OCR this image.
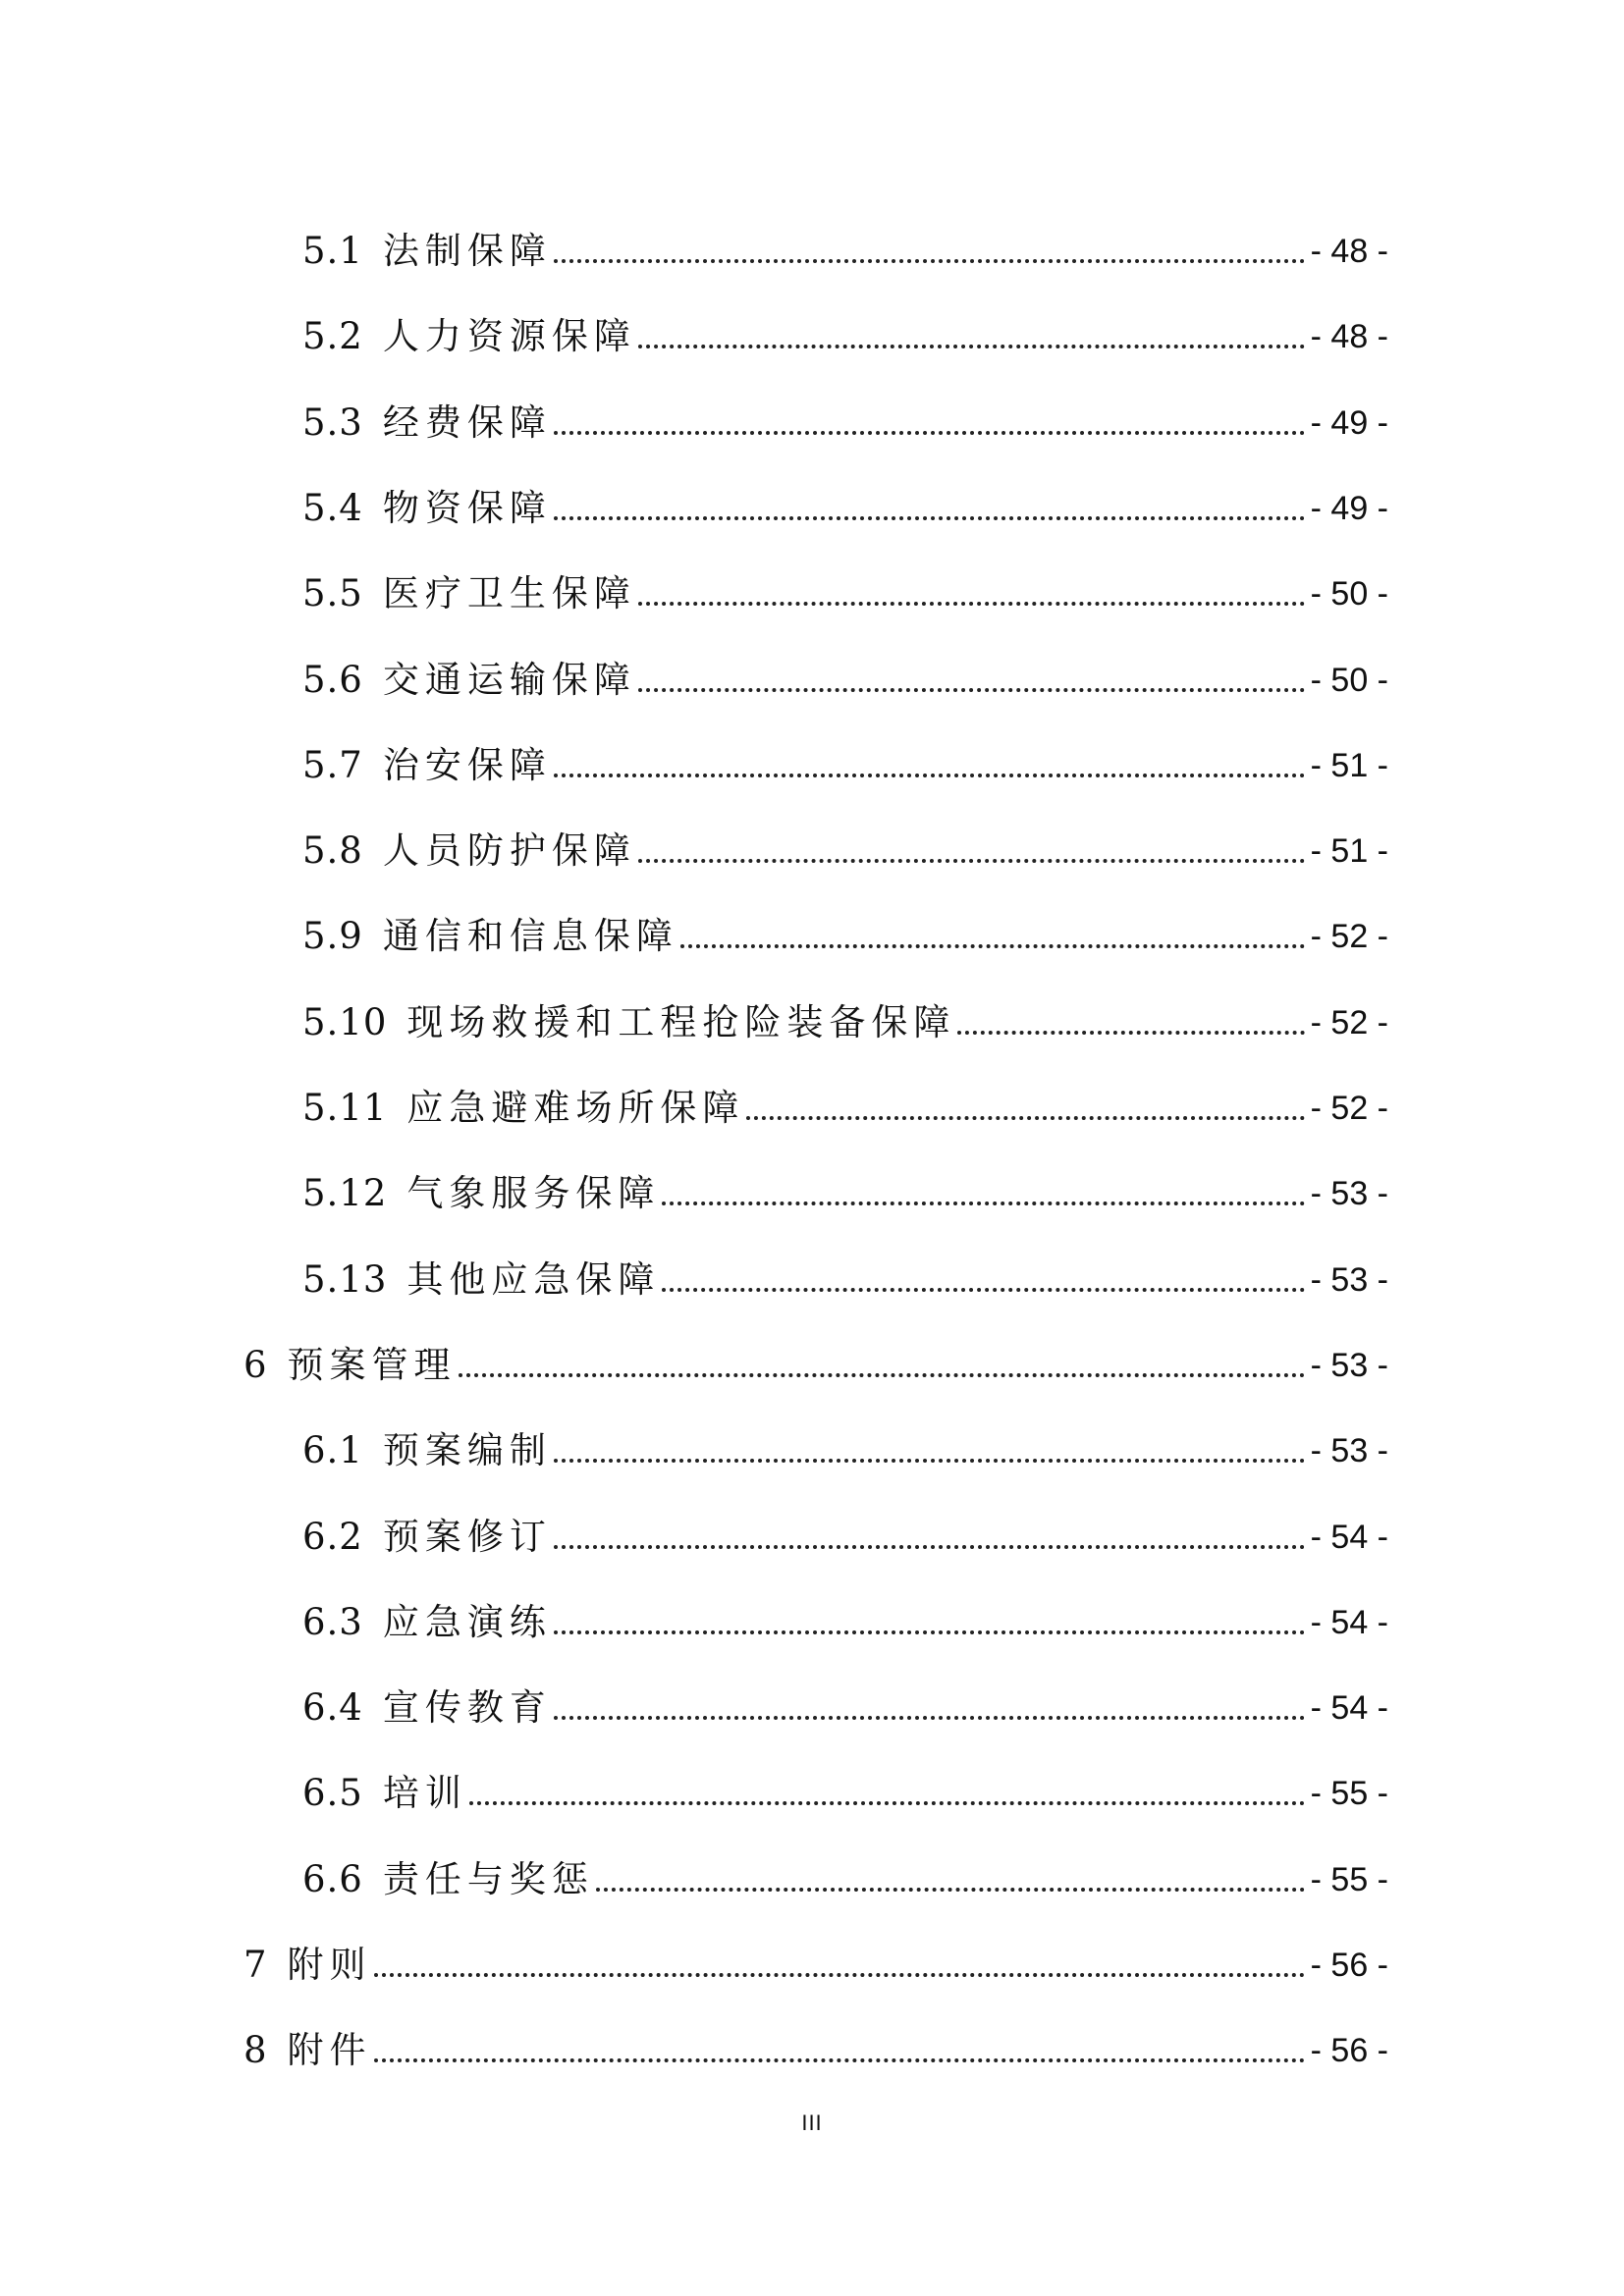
5.1 法制保障	- 48 -
5.2 人力资源保障	- 48 -
5.3 经费保障	- 49 -
5.4 物资保障	- 49 -
5.5 医疗卫生保障	- 50 -
5.6 交通运输保障	- 50 -
5.7 治安保障	- 51 -
5.8 人员防护保障	- 51 -
5.9 通信和信息保障	- 52 -
5.10 现场救援和工程抢险装备保障	- 52 -
5.11 应急避难场所保障	- 52 -
5.12 气象服务保障	- 53 -
5.13 其他应急保障	- 53 -
6 预案管理	- 53 -
6.1 预案编制	- 53 -
6.2 预案修订	- 54 -
6.3 应急演练	- 54 -
6.4 宣传教育	- 54 -
6.5 培训	- 55 -
6.6 责任与奖惩	- 55 -
7 附则	- 56 -
8 附件	- 56 -
III
